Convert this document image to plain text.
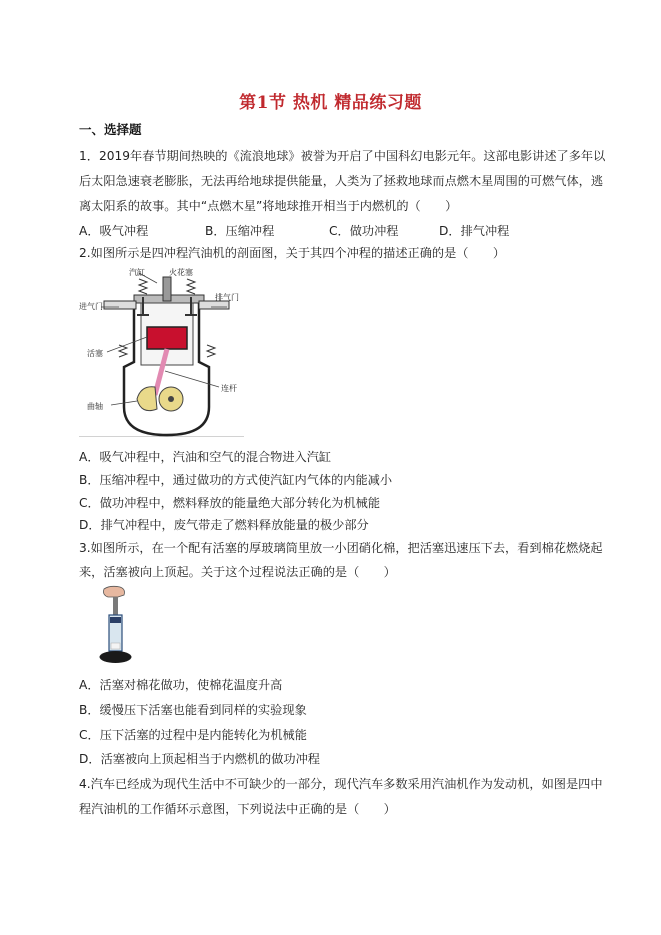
第1节 热机 精品练习题
一、选择题
1．2019年春节期间热映的《流浪地球》被誉为开启了中国科幻电影元年。这部电影讲述了多年以
后太阳急速衰老膨胀，无法再给地球提供能量，人类为了拯救地球而点燃木星周围的可燃气体，逃
离太阳系的故事。其中“点燃木星”将地球推开相当于内燃机的（　　）
A．吸气冲程	B．压缩冲程	C．做功冲程	D．排气冲程
2.如图所示是四冲程汽油机的剖面图，关于其四个冲程的描述正确的是（　　）
汽缸	火花塞
进气门
排气门
活塞
连杆
曲轴
A．吸气冲程中，汽油和空气的混合物进入汽缸
B．压缩冲程中，通过做功的方式使汽缸内气体的内能减小
C．做功冲程中，燃料释放的能量绝大部分转化为机械能
D．排气冲程中，废气带走了燃料释放能量的极少部分
3.如图所示，在一个配有活塞的厚玻璃筒里放一小团硝化棉，把活塞迅速压下去，看到棉花燃烧起
来，活塞被向上顶起。关于这个过程说法正确的是（　　）
A．活塞对棉花做功，使棉花温度升高
B．缓慢压下活塞也能看到同样的实验现象
C．压下活塞的过程中是内能转化为机械能
D．活塞被向上顶起相当于内燃机的做功冲程
4.汽车已经成为现代生活中不可缺少的一部分，现代汽车多数采用汽油机作为发动机，如图是四中
程汽油机的工作循环示意图，下列说法中正确的是（　　）
